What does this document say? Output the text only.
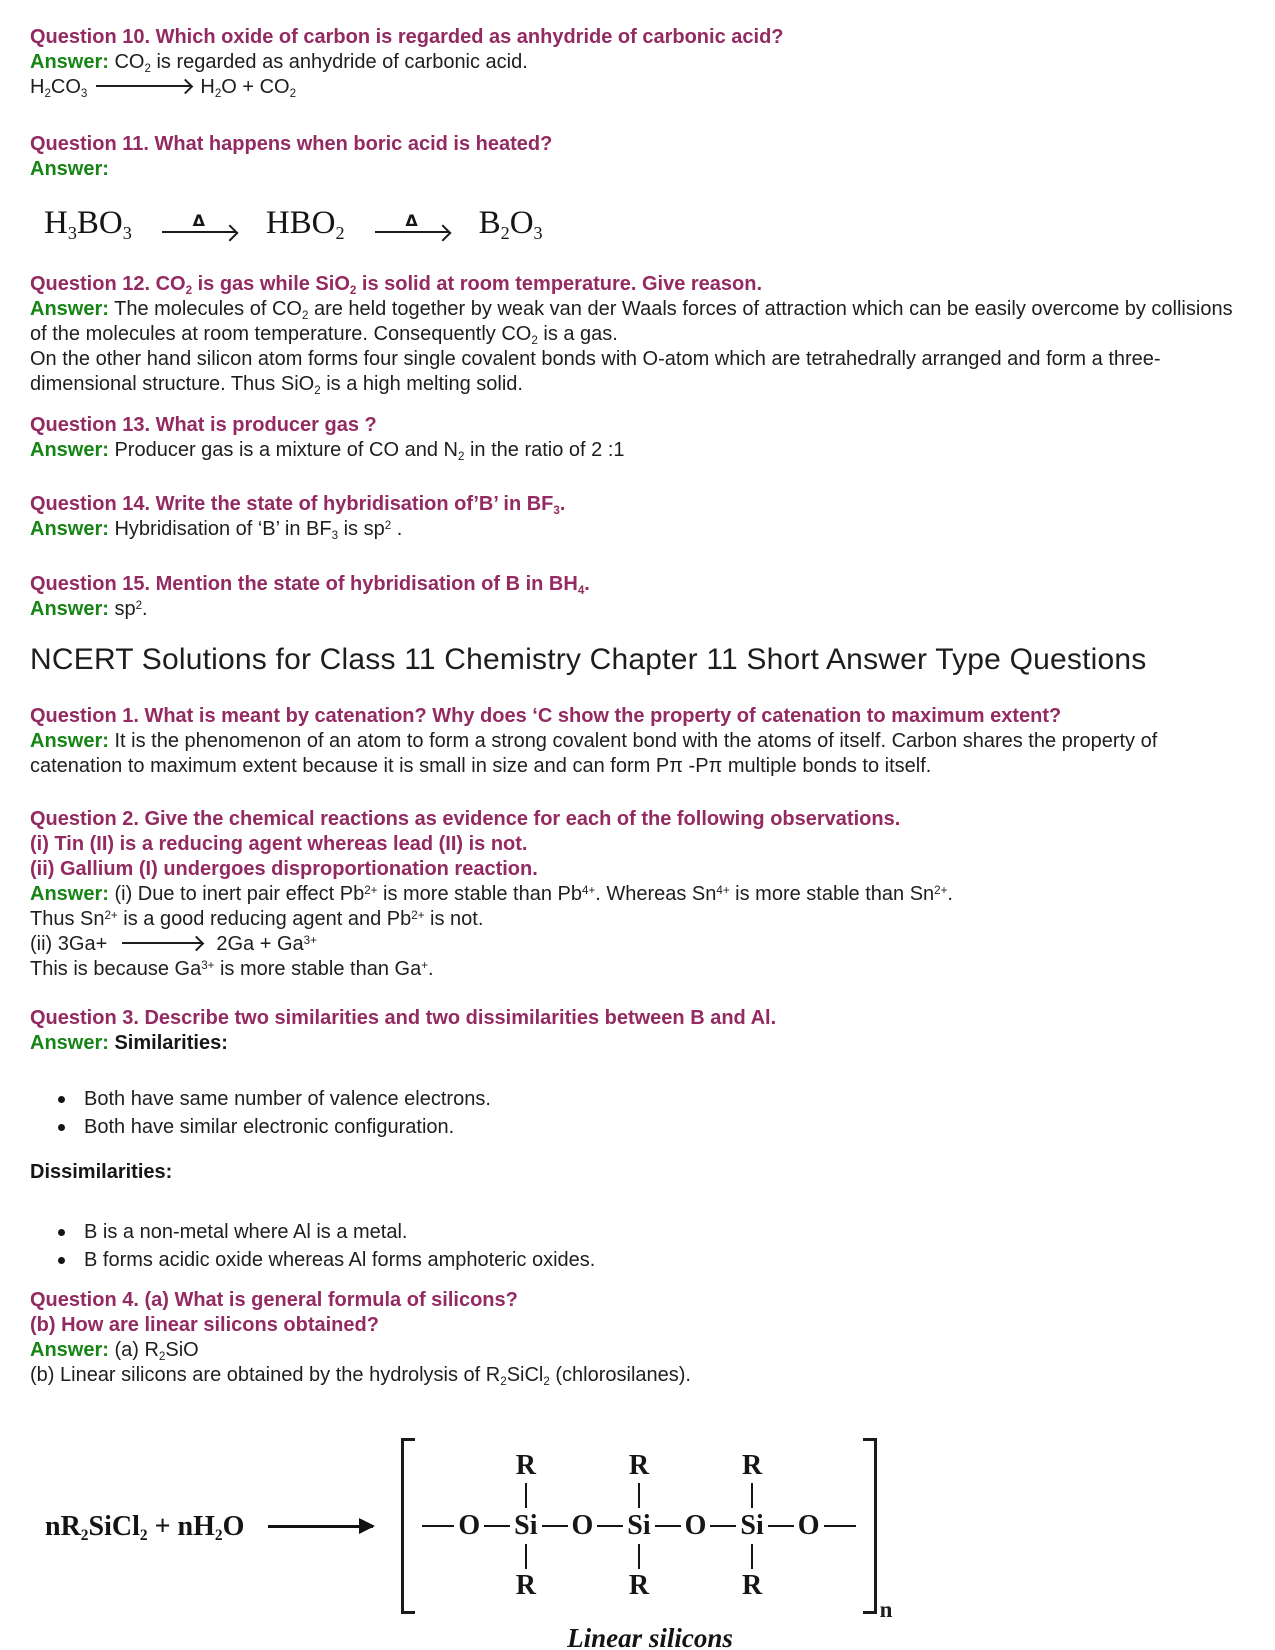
Question 10. Which oxide of carbon is regarded as anhydride of carbonic acid?

Answer: $CO_2$ is regarded as anhydride of carbonic acid.

$H_2CO_3$	$H_2O + CO_2$

Question 11. What happens when boric acid is heated?

Answer:

$H_3BO_3$
Δ $HBO_2$
Δ $B_2O_3$

Question 12. $CO_2$ is gas while SiO$_2$ is solid at room temperature. Give reason.

Answer: The molecules of $CO_2$ are held together by weak van der Waals forces of attraction which can be easily overcome by collisions of the molecules at room temperature. Consequently $CO_2$ is a gas.

On the other hand silicon atom forms four single covalent bonds with O-atom which are tetrahedrally arranged and form a three-dimensional structure. Thus SiO$_2$ is a high melting solid.

Question 13. What is producer gas ?

Answer: Producer gas is a mixture of CO and $N_2$ in the ratio of 2 :1

Question 14. Write the state of hybridisation of’B’ in $BF_3$.

Answer: Hybridisation of ‘B’ in $BF_3$ is $sp^2$ .

Question 15. Mention the state of hybridisation of B in $BH_4$.

Answer: $sp^2$.

NCERT Solutions for Class 11 Chemistry Chapter 11 Short Answer Type Questions

Question 1. What is meant by catenation? Why does ‘C show the property of catenation to maximum extent?

Answer: It is the phenomenon of an atom to form a strong covalent bond with the atoms of itself. Carbon shares the property of catenation to maximum extent because it is small in size and can form Pπ -Pπ multiple bonds to itself.

Question 2. Give the chemical reactions as evidence for each of the following observations.

(i) Tin (II) is a reducing agent whereas lead (II) is not.

(ii) Gallium (I) undergoes disproportionation reaction.

Answer: (i) Due to inert pair effect $Pb^{2+}$ is more stable than $Pb^{4+}$. Whereas $Sn^{4+}$ is more stable than $Sn^{2+}$.

Thus $Sn^{2+}$ is a good reducing agent and $Pb^{2+}$ is not.

(ii) 3Ga+	$2Ga + Ga^{3+}$

This is because $Ga^{3+}$ is more stable than Ga+.

Question 3. Describe two similarities and two dissimilarities between B and Al.

Answer: Similarities:

Both have same number of valence electrons.
Both have similar electronic configuration.

Dissimilarities:

B is a non-metal where Al is a metal.
B forms acidic oxide whereas Al forms amphoteric oxides.

Question 4. (a) What is general formula of silicons?

(b) How are linear silicons obtained?

Answer: (a) $R_2SiO$

(b) Linear silicons are obtained by the hydrolysis of $R_2SiCl_2$ (chlorosilanes).

$nR_2SiCl_2 + nH_2O$	O
R
Si
R
O
R
Si
R
O
R
Si
R
O
n

Linear silicons
